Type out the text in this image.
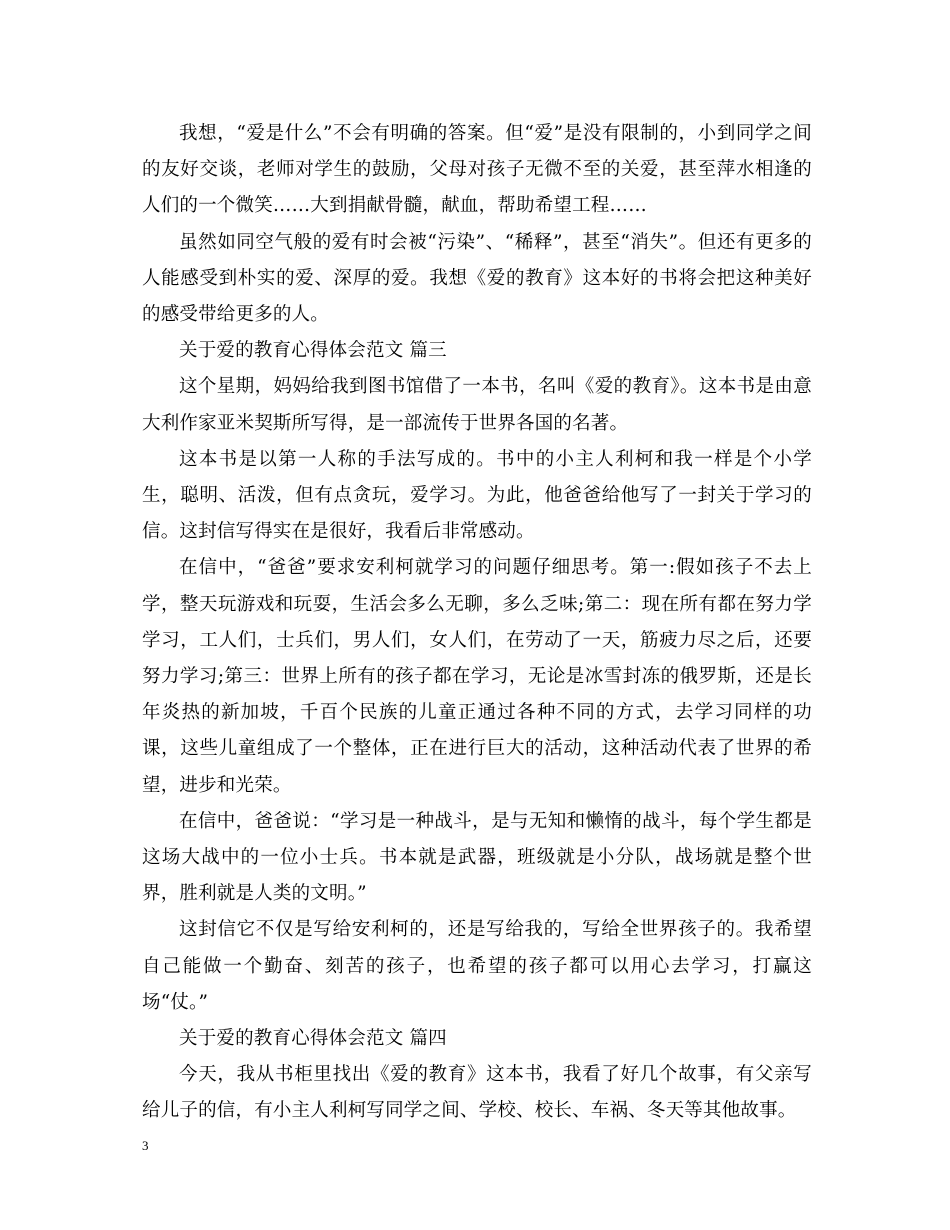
我想，“爱是什么”不会有明确的答案。但“爱”是没有限制的，小到同学之间的友好交谈，老师对学生的鼓励，父母对孩子无微不至的关爱，甚至萍水相逢的人们的一个微笑……大到捐献骨髓，献血，帮助希望工程……

虽然如同空气般的爱有时会被“污染”、“稀释”，甚至“消失”。但还有更多的人能感受到朴实的爱、深厚的爱。我想《爱的教育》这本好的书将会把这种美好的感受带给更多的人。

关于爱的教育心得体会范文 篇三

这个星期，妈妈给我到图书馆借了一本书，名叫《爱的教育》。这本书是由意大利作家亚米契斯所写得，是一部流传于世界各国的名著。

这本书是以第一人称的手法写成的。书中的小主人利柯和我一样是个小学生，聪明、活泼，但有点贪玩，爱学习。为此，他爸爸给他写了一封关于学习的信。这封信写得实在是很好，我看后非常感动。

在信中，“爸爸”要求安利柯就学习的问题仔细思考。第一:假如孩子不去上学，整天玩游戏和玩耍，生活会多么无聊，多么乏味;第二：现在所有都在努力学学习，工人们，士兵们，男人们，女人们，在劳动了一天，筋疲力尽之后，还要努力学习;第三：世界上所有的孩子都在学习，无论是冰雪封冻的俄罗斯，还是长年炎热的新加坡，千百个民族的儿童正通过各种不同的方式，去学习同样的功课，这些儿童组成了一个整体，正在进行巨大的活动，这种活动代表了世界的希望，进步和光荣。

在信中，爸爸说：“学习是一种战斗，是与无知和懒惰的战斗，每个学生都是这场大战中的一位小士兵。书本就是武器，班级就是小分队，战场就是整个世界，胜利就是人类的文明。”

这封信它不仅是写给安利柯的，还是写给我的，写给全世界孩子的。我希望自己能做一个勤奋、刻苦的孩子，也希望的孩子都可以用心去学习，打赢这场“仗。”

关于爱的教育心得体会范文 篇四

今天，我从书柜里找出《爱的教育》这本书，我看了好几个故事，有父亲写给儿子的信，有小主人利柯写同学之间、学校、校长、车祸、冬天等其他故事。

3
